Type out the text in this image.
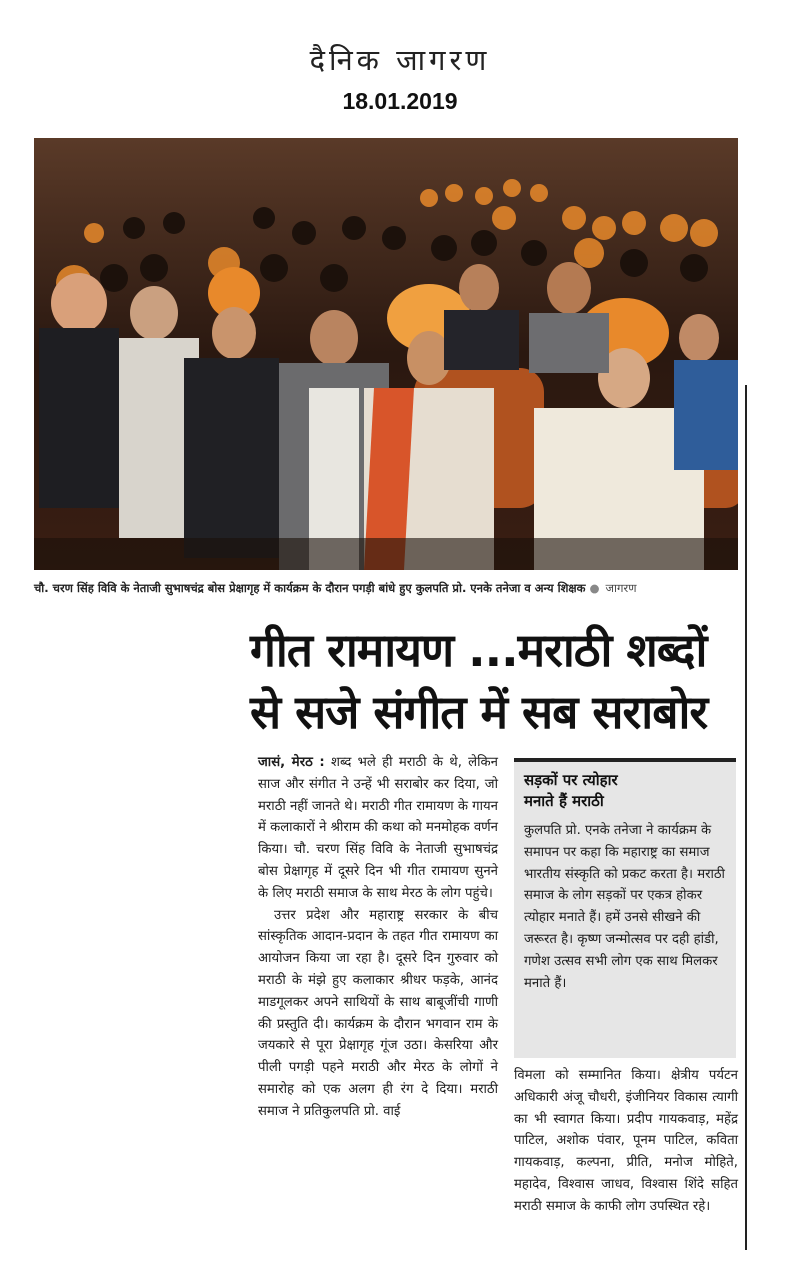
दैनिक जागरण
18.01.2019
चौ. चरण सिंह विवि के नेताजी सुभाषचंद्र बोस प्रेक्षागृह में कार्यक्रम के दौरान पगड़ी बांधे हुए कुलपति प्रो. एनके तनेजा व अन्य शिक्षक ● जागरण
गीत रामायण ...मराठी शब्दों
से सजे संगीत में सब सराबोर

जासं, मेरठ : शब्द भले ही मराठी के थे, लेकिन साज और संगीत ने उन्हें भी सराबोर कर दिया, जो मराठी नहीं जानते थे। मराठी गीत रामायण के गायन में कलाकारों ने श्रीराम की कथा को मनमोहक वर्णन किया। चौ. चरण सिंह विवि के नेताजी सुभाषचंद्र बोस प्रेक्षागृह में दूसरे दिन भी गीत रामायण सुनने के लिए मराठी समाज के साथ मेरठ के लोग पहुंचे।

उत्तर प्रदेश और महाराष्ट्र सरकार के बीच सांस्कृतिक आदान-प्रदान के तहत गीत रामायण का आयोजन किया जा रहा है। दूसरे दिन गुरुवार को मराठी के मंझे हुए कलाकार श्रीधर फड़के, आनंद माडगूलकर अपने साथियों के साथ बाबूजींची गाणी की प्रस्तुति दी। कार्यक्रम के दौरान भगवान राम के जयकारे से पूरा प्रेक्षागृह गूंज उठा। केसरिया और पीली पगड़ी पहने मराठी और मेरठ के लोगों ने समारोह को एक अलग ही रंग दे दिया। मराठी समाज ने प्रतिकुलपति प्रो. वाई

सड़कों पर त्योहार
मनाते हैं मराठी
कुलपति प्रो. एनके तनेजा ने कार्यक्रम के समापन पर कहा कि महाराष्ट्र का समाज भारतीय संस्कृति को प्रकट करता है। मराठी समाज के लोग सड़कों पर एकत्र होकर त्योहार मनाते हैं। हमें उनसे सीखने की जरूरत है। कृष्ण जन्मोत्सव पर दही हांडी, गणेश उत्सव सभी लोग एक साथ मिलकर मनाते हैं।

विमला को सम्मानित किया। क्षेत्रीय पर्यटन अधिकारी अंजू चौधरी, इंजीनियर विकास त्यागी का भी स्वागत किया। प्रदीप गायकवाड़, महेंद्र पाटिल, अशोक पंवार, पूनम पाटिल, कविता गायकवाड़, कल्पना, प्रीति, मनोज मोहिते, महादेव, विश्वास जाधव, विश्वास शिंदे सहित मराठी समाज के काफी लोग उपस्थित रहे।
